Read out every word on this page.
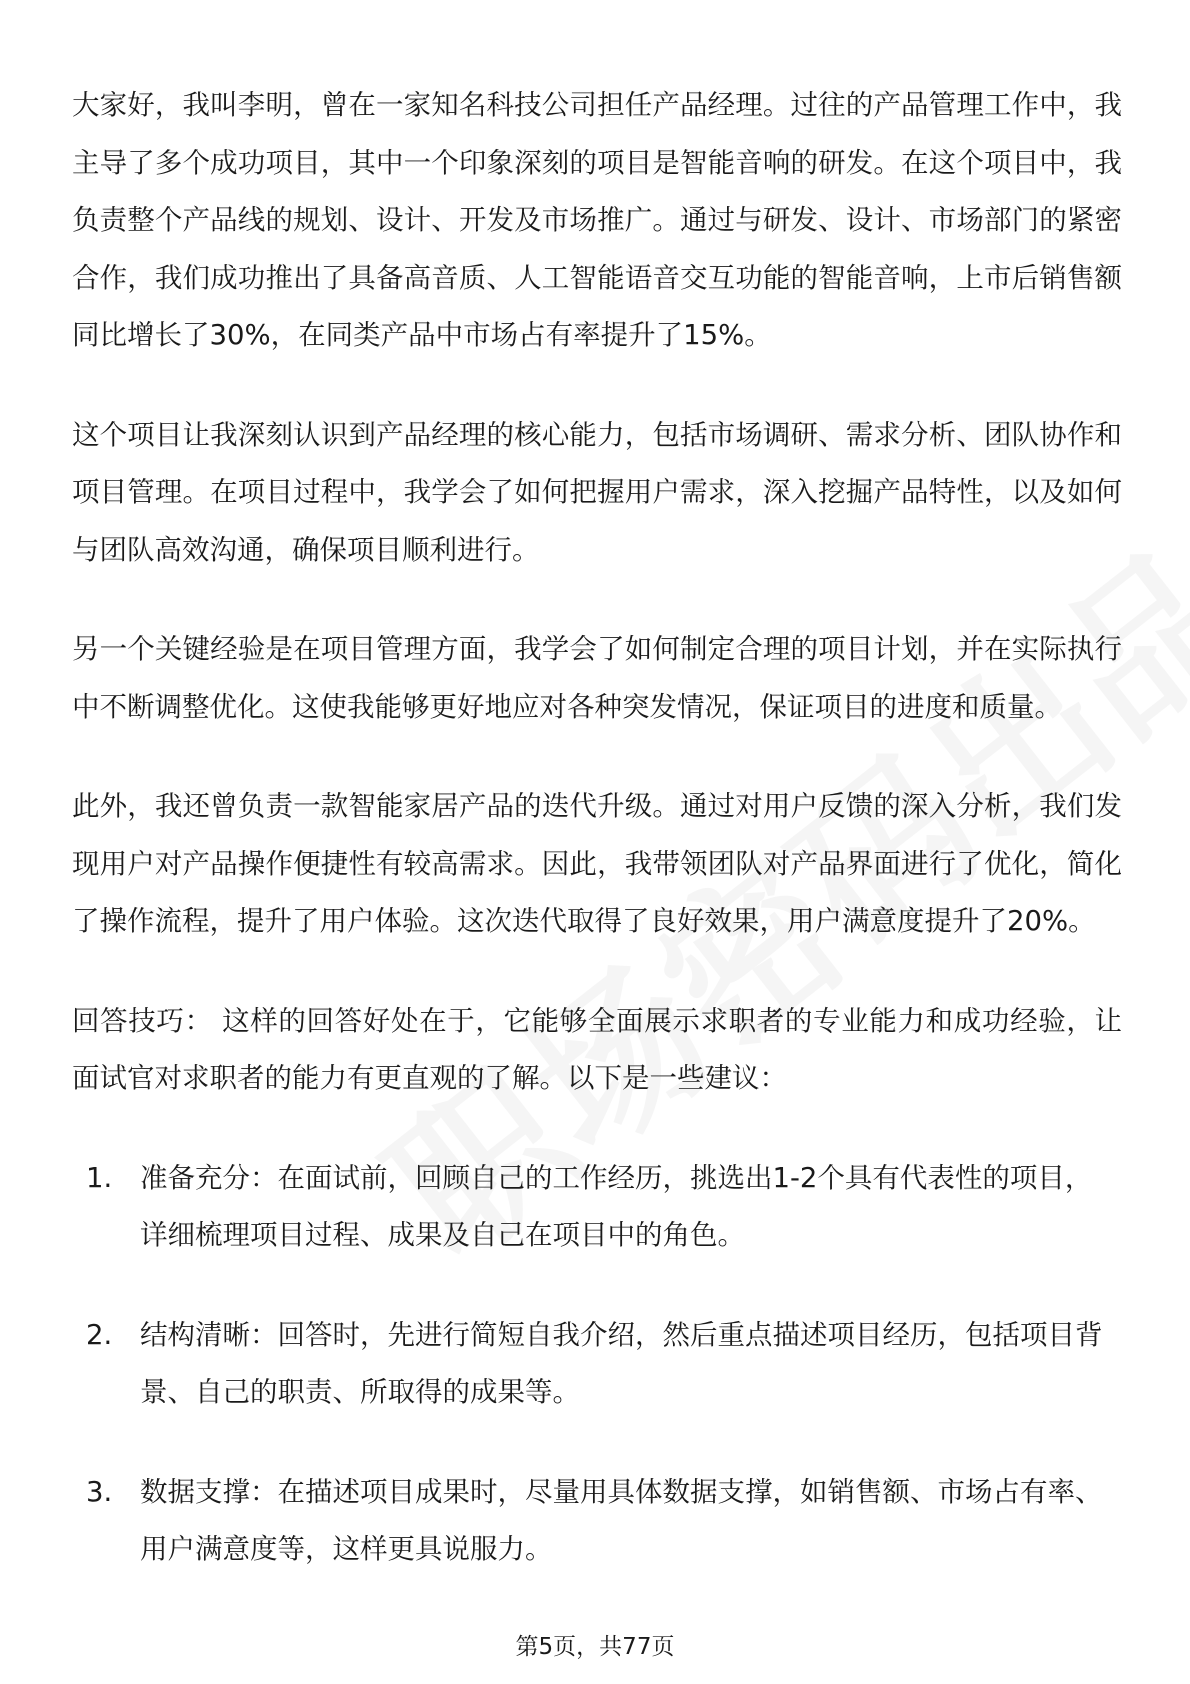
大家好，我叫李明，曾在一家知名科技公司担任产品经理。过往的产品管理工作中，我主导了多个成功项目，其中一个印象深刻的项目是智能音响的研发。在这个项目中，我负责整个产品线的规划、设计、开发及市场推广。通过与研发、设计、市场部门的紧密合作，我们成功推出了具备高音质、人工智能语音交互功能的智能音响，上市后销售额同比增长了30%，在同类产品中市场占有率提升了15%。

这个项目让我深刻认识到产品经理的核心能力，包括市场调研、需求分析、团队协作和项目管理。在项目过程中，我学会了如何把握用户需求，深入挖掘产品特性，以及如何与团队高效沟通，确保项目顺利进行。

另一个关键经验是在项目管理方面，我学会了如何制定合理的项目计划，并在实际执行中不断调整优化。这使我能够更好地应对各种突发情况，保证项目的进度和质量。

此外，我还曾负责一款智能家居产品的迭代升级。通过对用户反馈的深入分析，我们发现用户对产品操作便捷性有较高需求。因此，我带领团队对产品界面进行了优化，简化了操作流程，提升了用户体验。这次迭代取得了良好效果，用户满意度提升了20%。

回答技巧： 这样的回答好处在于，它能够全面展示求职者的专业能力和成功经验，让面试官对求职者的能力有更直观的了解。以下是一些建议：

1.	准备充分：在面试前，回顾自己的工作经历，挑选出1-2个具有代表性的项目，详细梳理项目过程、成果及自己在项目中的角色。
2.	结构清晰：回答时，先进行简短自我介绍，然后重点描述项目经历，包括项目背景、自己的职责、所取得的成果等。
3.	数据支撑：在描述项目成果时，尽量用具体数据支撑，如销售额、市场占有率、用户满意度等，这样更具说服力。
第5页，共77页
